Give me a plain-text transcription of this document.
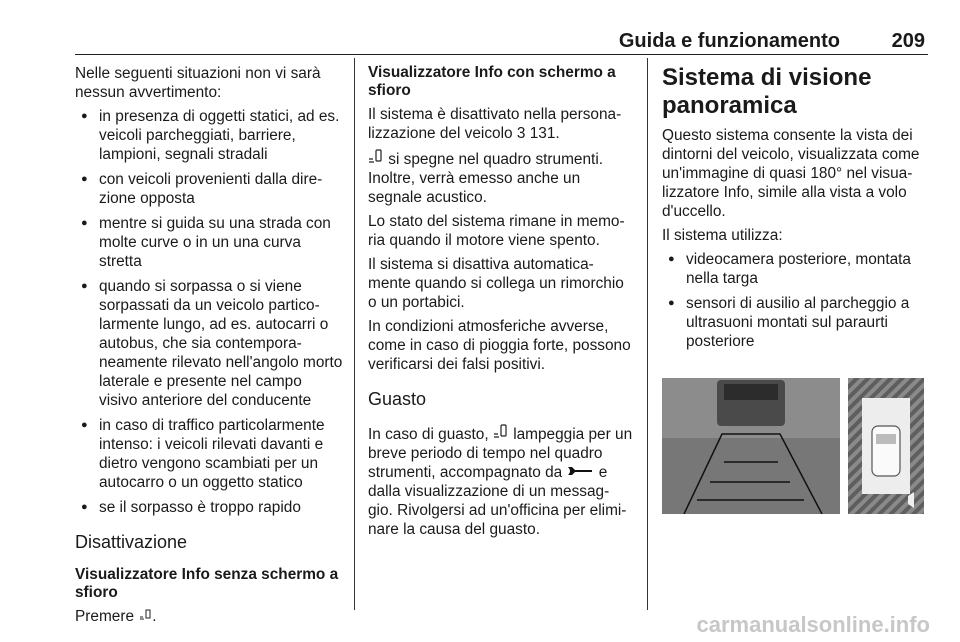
Guida e funzionamento	209

Nelle seguenti situazioni non vi sarà nessun avvertimento:

● in presenza di oggetti statici, ad es. veicoli parcheggiati, barriere, lampioni, segnali stradali
● con veicoli provenienti dalla dire- zione opposta
● mentre si guida su una strada con molte curve o in un una curva stretta
● quando si sorpassa o si viene sorpassati da un veicolo partico- larmente lungo, ad es. autocarri o autobus, che sia contempora- neamente rilevato nell'angolo morto laterale e presente nel campo visivo anteriore del conducente
● in caso di traffico particolarmente intenso: i veicoli rilevati davanti e dietro vengono scambiati per un autocarro o un oggetto statico
● se il sorpasso è troppo rapido
Disattivazione

Visualizzatore Info senza schermo a sfioro

Premere .

Visualizzatore Info con schermo a sfioro

Il sistema è disattivato nella persona- lizzazione del veicolo 3 131.

si spegne nel quadro strumenti. Inoltre, verrà emesso anche un segnale acustico.

Lo stato del sistema rimane in memo- ria quando il motore viene spento.

Il sistema si disattiva automatica- mente quando si collega un rimorchio o un portabici.

In condizioni atmosferiche avverse, come in caso di pioggia forte, possono verificarsi dei falsi positivi.

Guasto

In caso di guasto, lampeggia per un breve periodo di tempo nel quadro strumenti, accompagnato da e dalla visualizzazione di un messag- gio. Rivolgersi ad un'officina per elimi- nare la causa del guasto.

Sistema di visione panoramica

Questo sistema consente la vista dei dintorni del veicolo, visualizzata come un'immagine di quasi 180° nel visua- lizzatore Info, simile alla vista a volo d'uccello.

Il sistema utilizza:

● videocamera posteriore, montata nella targa
● sensori di ausilio al parcheggio a ultrasuoni montati sul paraurti posteriore
carmanualsonline.info
